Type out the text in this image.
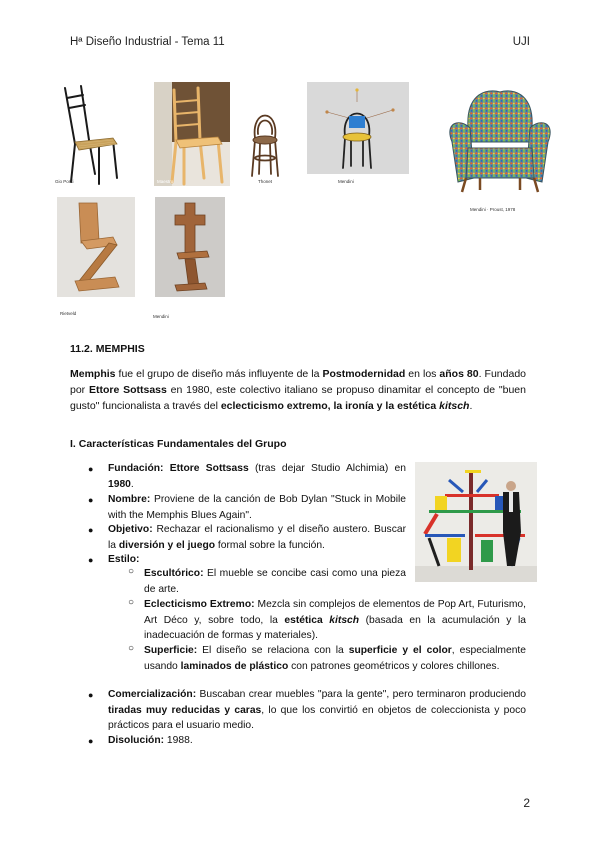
Hª Diseño Industrial - Tema 11	UJI
Gio Ponti	Maestro	Thonet	Mendini
Mendini · Proust, 1978
Rietveld
Mendini
11.2. MEMPHIS

Memphis fue el grupo de diseño más influyente de la Postmodernidad en los años 80. Fundado por Ettore Sottsass en 1980, este colectivo italiano se propuso dinamitar el concepto de "buen gusto" funcionalista a través del eclecticismo extremo, la ironía y la estética kitsch.

I. Características Fundamentales del Grupo
● Fundación: Ettore Sottsass (tras dejar Studio Alchimia) en 1980.

● Nombre: Proviene de la canción de Bob Dylan "Stuck in Mobile with the Memphis Blues Again".

● Objetivo: Rechazar el racionalismo y el diseño austero. Buscar la diversión y el juego formal sobre la función.

● Estilo:

○ Escultórico: El mueble se concibe casi como una pieza de arte.

○ Eclecticismo Extremo: Mezcla sin complejos de elementos de Pop Art, Futurismo, Art Déco y, sobre todo, la estética kitsch (basada en la acumulación y la inadecuación de formas y materiales).

○ Superficie: El diseño se relaciona con la superficie y el color, especialmente usando laminados de plástico con patrones geométricos y colores chillones.

● Comercialización: Buscaban crear muebles "para la gente", pero terminaron produciendo tiradas muy reducidas y caras, lo que los convirtió en objetos de coleccionista y poco prácticos para el usuario medio.

● Disolución: 1988.

2
